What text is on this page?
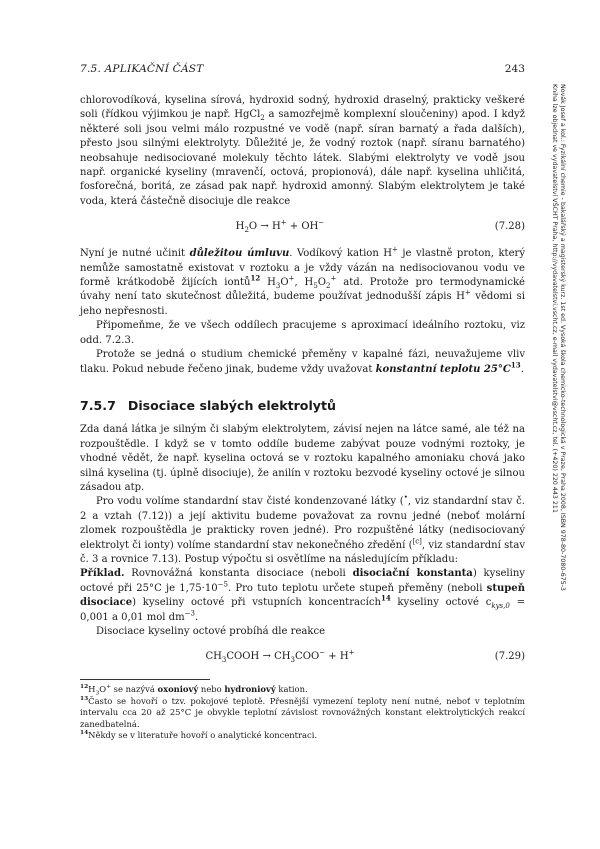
7.5. APLIKAČNÍ ČÁST	243
Novák Josef a kol.: Fyzikální chemie - bakalářský a magisterský kurz. 1st ed. Vysoká škola chemicko-technologická v Praze, Praha 2008, ISBN 978-80-7080-675-3
Kniha lze objednat ve vydavatelství VŠCHT Praha, http://vydavatelstvi.vscht.cz, e-mail vydavatelstvi@vscht.cz, tel. (+420) 220 443 211

chlorovodíková, kyselina sírová, hydroxid sodný, hydroxid draselný, prakticky veškeré soli (řídkou výjimkou je např. HgCl$_2$ a samozřejmě komplexní sloučeniny) apod. I když některé soli jsou velmi málo rozpustné ve vodě (např. síran barnatý a řada dalších), přesto jsou silnými elektrolyty. Důležité je, že vodný roztok (např. síranu barnatého) neobsahuje nedisociované molekuly těchto látek. Slabými elektrolyty ve vodě jsou např. organické kyseliny (mravenčí, octová, propionová), dále např. kyselina uhličitá, fosforečná, boritá, ze zásad pak např. hydroxid amonný. Slabým elektrolytem je také voda, která částečně disociuje dle reakce

$H_2O \to H^+ + OH^-$	(7.28)

Nyní je nutné učinit důležitou úmluvu. Vodíkový kation H+ je vlastně proton, který nemůže samostatně existovat v roztoku a je vždy vázán na nedisociovanou vodu ve formě krátkodobě žijících iontů$^{12}$ $H_3O^+$, $H_5O_2^+$ atd. Protože pro termodynamické úvahy není tato skutečnost důležitá, budeme používat jednodušší zápis H+ vědomi si jeho nepřesnosti.

Připomeňme, že ve všech oddílech pracujeme s aproximací ideálního roztoku, viz odd. 7.2.3.

Protože se jedná o studium chemické přeměny v kapalné fázi, neuvažujeme vliv tlaku. Pokud nebude řečeno jinak, budeme vždy uvažovat konstantní teplotu 25°C$^{13}$.

7.5.7 Disociace slabých elektrolytů

Zda daná látka je silným či slabým elektrolytem, závisí nejen na látce samé, ale též na rozpouštědle. I když se v tomto oddíle budeme zabývat pouze vodnými roztoky, je vhodné vědět, že např. kyselina octová se v roztoku kapalného amoniaku chová jako silná kyselina (tj. úplně disociuje), že anilín v roztoku bezvodé kyseliny octové je silnou zásadou atp.

Pro vodu volíme standardní stav čisté kondenzované látky (•, viz standardní stav č. 2 a vztah (7.12)) a její aktivitu budeme považovat za rovnu jedné (neboť molární zlomek rozpouštědla je prakticky roven jedné). Pro rozpuštěné látky (nedisociovaný elektrolyt či ionty) volíme standardní stav nekonečného zředění ([c], viz standardní stav č. 3 a rovnice 7.13). Postup výpočtu si osvětlíme na následujícím příkladu:

Příklad. Rovnovážná konstanta disociace (neboli disociační konstanta) kyseliny octové při 25°C je $1,75\cdot 10^{-5}$. Pro tuto teplotu určete stupeň přeměny (neboli stupeň disociace) kyseliny octové při vstupních koncentracích$^{14}$ kyseliny octové $c_{kys,0} = 0,001$ a 0,01 mol $dm^{-3}$.

Disociace kyseliny octové probíhá dle reakce

$CH_3COOH \to CH_3COO^- + H^+$	(7.29)

$^{12}H_3O^+$ se nazývá oxoniový nebo hydroniový kation.

$^{13}$Často se hovoří o tzv. pokojové teplotě. Přesnější vymezení teploty není nutné, neboť v teplotním intervalu cca 20 až 25°C je obvykle teplotní závislost rovnovážných konstant elektrolytických reakcí zanedbatelná.

$^{14}$Někdy se v literatuře hovoří o analytické koncentraci.
